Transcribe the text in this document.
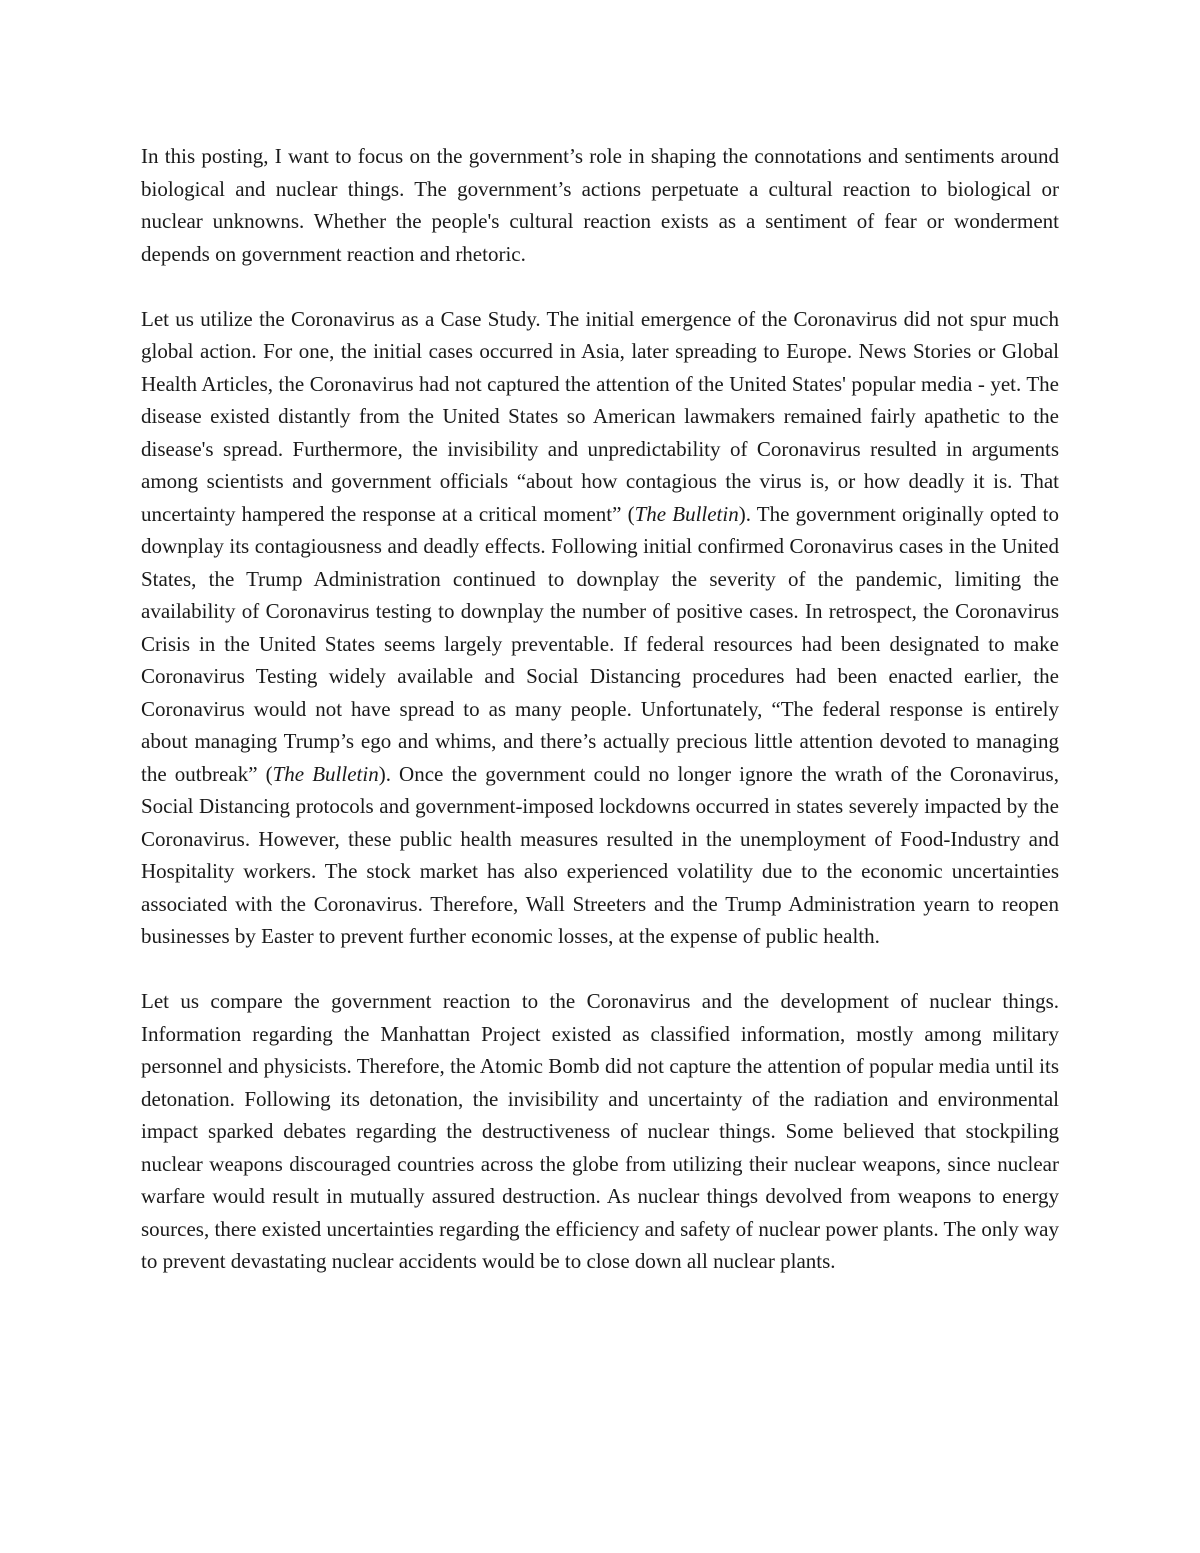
In this posting, I want to focus on the government’s role in shaping the connotations and sentiments around biological and nuclear things. The government’s actions perpetuate a cultural reaction to biological or nuclear unknowns. Whether the people's cultural reaction exists as a sentiment of fear or wonderment depends on government reaction and rhetoric.

Let us utilize the Coronavirus as a Case Study. The initial emergence of the Coronavirus did not spur much global action. For one, the initial cases occurred in Asia, later spreading to Europe. News Stories or Global Health Articles, the Coronavirus had not captured the attention of the United States' popular media - yet. The disease existed distantly from the United States so American lawmakers remained fairly apathetic to the disease's spread. Furthermore, the invisibility and unpredictability of Coronavirus resulted in arguments among scientists and government officials “about how contagious the virus is, or how deadly it is. That uncertainty hampered the response at a critical moment” (The Bulletin). The government originally opted to downplay its contagiousness and deadly effects. Following initial confirmed Coronavirus cases in the United States, the Trump Administration continued to downplay the severity of the pandemic, limiting the availability of Coronavirus testing to downplay the number of positive cases. In retrospect, the Coronavirus Crisis in the United States seems largely preventable. If federal resources had been designated to make Coronavirus Testing widely available and Social Distancing procedures had been enacted earlier, the Coronavirus would not have spread to as many people. Unfortunately, “The federal response is entirely about managing Trump’s ego and whims, and there’s actually precious little attention devoted to managing the outbreak” (The Bulletin). Once the government could no longer ignore the wrath of the Coronavirus, Social Distancing protocols and government-imposed lockdowns occurred in states severely impacted by the Coronavirus. However, these public health measures resulted in the unemployment of Food-Industry and Hospitality workers. The stock market has also experienced volatility due to the economic uncertainties associated with the Coronavirus. Therefore, Wall Streeters and the Trump Administration yearn to reopen businesses by Easter to prevent further economic losses, at the expense of public health.

Let us compare the government reaction to the Coronavirus and the development of nuclear things. Information regarding the Manhattan Project existed as classified information, mostly among military personnel and physicists. Therefore, the Atomic Bomb did not capture the attention of popular media until its detonation. Following its detonation, the invisibility and uncertainty of the radiation and environmental impact sparked debates regarding the destructiveness of nuclear things. Some believed that stockpiling nuclear weapons discouraged countries across the globe from utilizing their nuclear weapons, since nuclear warfare would result in mutually assured destruction. As nuclear things devolved from weapons to energy sources, there existed uncertainties regarding the efficiency and safety of nuclear power plants. The only way to prevent devastating nuclear accidents would be to close down all nuclear plants.
